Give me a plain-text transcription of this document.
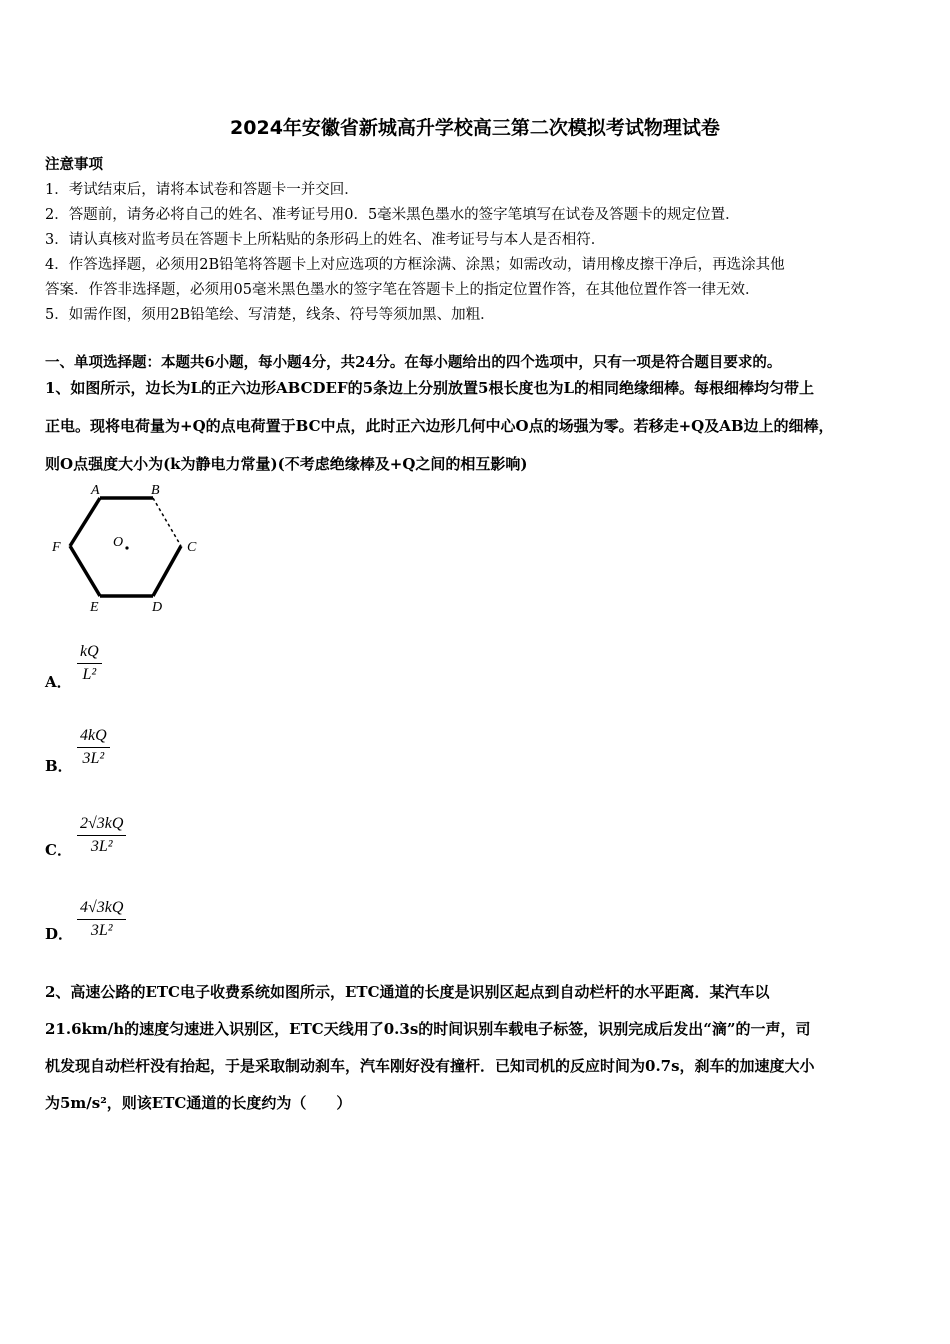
2024年安徽省新城高升学校高三第二次模拟考试物理试卷
注意事项
1．考试结束后，请将本试卷和答题卡一并交回．
2．答题前，请务必将自己的姓名、准考证号用0．5毫米黑色墨水的签字笔填写在试卷及答题卡的规定位置．
3．请认真核对监考员在答题卡上所粘贴的条形码上的姓名、准考证号与本人是否相符．
4．作答选择题，必须用2B铅笔将答题卡上对应选项的方框涂满、涂黑；如需改动，请用橡皮擦干净后，再选涂其他
答案．作答非选择题，必须用05毫米黑色墨水的签字笔在答题卡上的指定位置作答，在其他位置作答一律无效．
5．如需作图，须用2B铅笔绘、写清楚，线条、符号等须加黑、加粗．
一、单项选择题：本题共6小题，每小题4分，共24分。在每小题给出的四个选项中，只有一项是符合题目要求的。
1、如图所示，边长为L的正六边形ABCDEF的5条边上分别放置5根长度也为L的相同绝缘细棒。每根细棒均匀带上
正电。现将电荷量为+Q的点电荷置于BC中点，此时正六边形几何中心O点的场强为零。若移走+Q及AB边上的细棒，
则O点强度大小为(k为静电力常量)(不考虑绝缘棒及+Q之间的相互影响)
A	B
C
D
E
F	O
A． $\frac{kQ}{\text{L²}}$
B． $\frac{4kQ}{\text{3L²}}$
C． $\frac{2√3kQ}{\text{3L²}}$
D． $\frac{4√3kQ}{\text{3L²}}$
2、高速公路的ETC电子收费系统如图所示，ETC通道的长度是识别区起点到自动栏杆的水平距离．某汽车以
21.6km/h的速度匀速进入识别区，ETC天线用了0.3s的时间识别车载电子标签，识别完成后发出“滴”的一声，司
机发现自动栏杆没有抬起，于是采取制动刹车，汽车刚好没有撞杆．已知司机的反应时间为0.7s，刹车的加速度大小
为5m/s²，则该ETC通道的长度约为（　　）
